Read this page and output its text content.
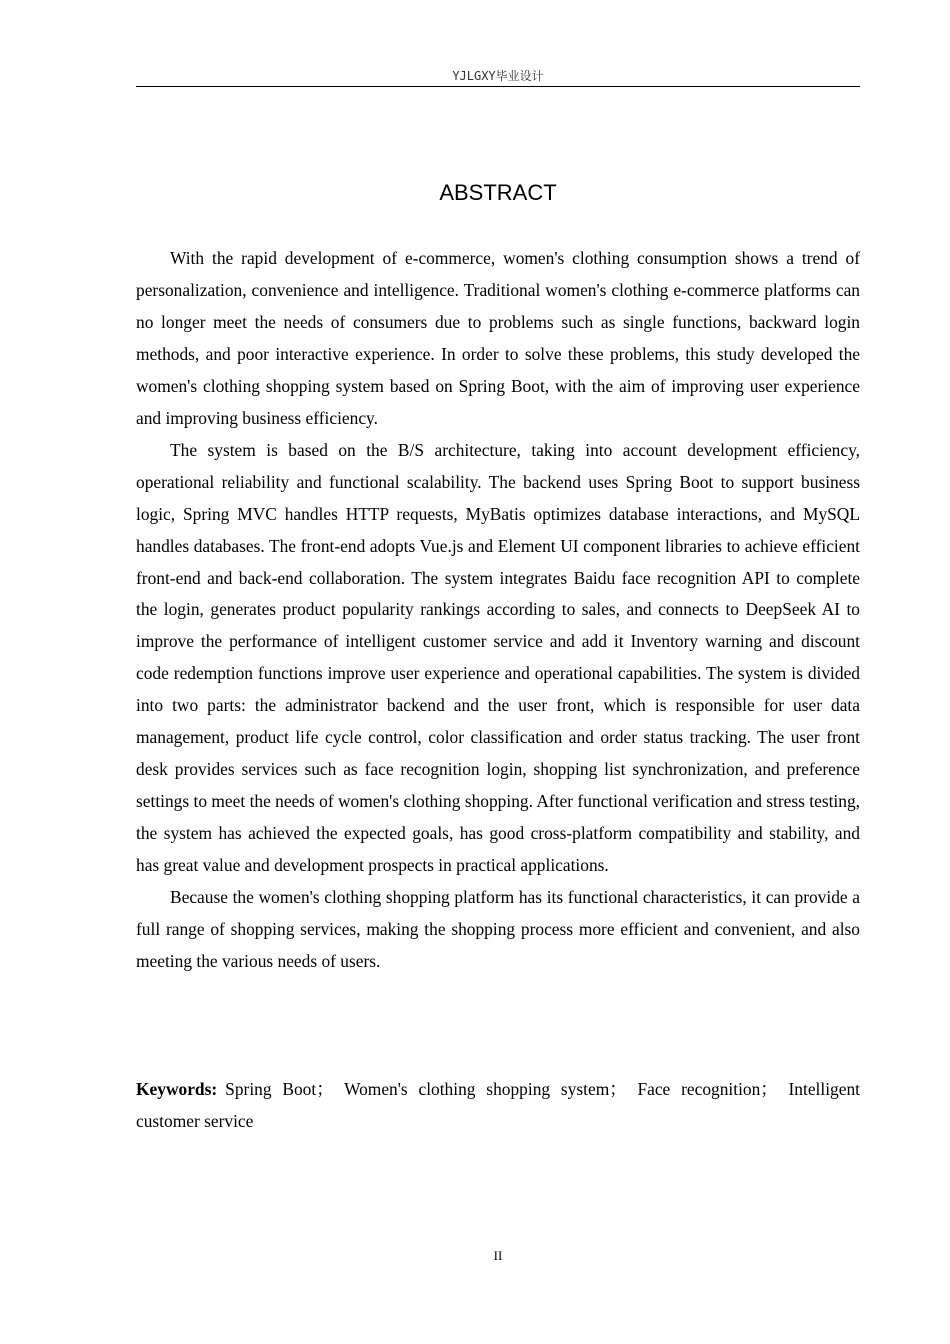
YJLGXY毕业设计
ABSTRACT

With the rapid development of e-commerce, women's clothing consumption shows a trend of personalization, convenience and intelligence. Traditional women's clothing e-commerce platforms can no longer meet the needs of consumers due to problems such as single functions, backward login methods, and poor interactive experience. In order to solve these problems, this study developed the women's clothing shopping system based on Spring Boot, with the aim of improving user experience and improving business efficiency.

The system is based on the B/S architecture, taking into account development efficiency, operational reliability and functional scalability. The backend uses Spring Boot to support business logic, Spring MVC handles HTTP requests, MyBatis optimizes database interactions, and MySQL handles databases. The front-end adopts Vue.js and Element UI component libraries to achieve efficient front-end and back-end collaboration. The system integrates Baidu face recognition API to complete the login, generates product popularity rankings according to sales, and connects to DeepSeek AI to improve the performance of intelligent customer service and add it Inventory warning and discount code redemption functions improve user experience and operational capabilities. The system is divided into two parts: the administrator backend and the user front, which is responsible for user data management, product life cycle control, color classification and order status tracking. The user front desk provides services such as face recognition login, shopping list synchronization, and preference settings to meet the needs of women's clothing shopping. After functional verification and stress testing, the system has achieved the expected goals, has good cross-platform compatibility and stability, and has great value and development prospects in practical applications.

Because the women's clothing shopping platform has its functional characteristics, it can provide a full range of shopping services, making the shopping process more efficient and convenient, and also meeting the various needs of users.

Keywords: Spring Boot； Women's clothing shopping system； Face recognition； Intelligent customer service
II
